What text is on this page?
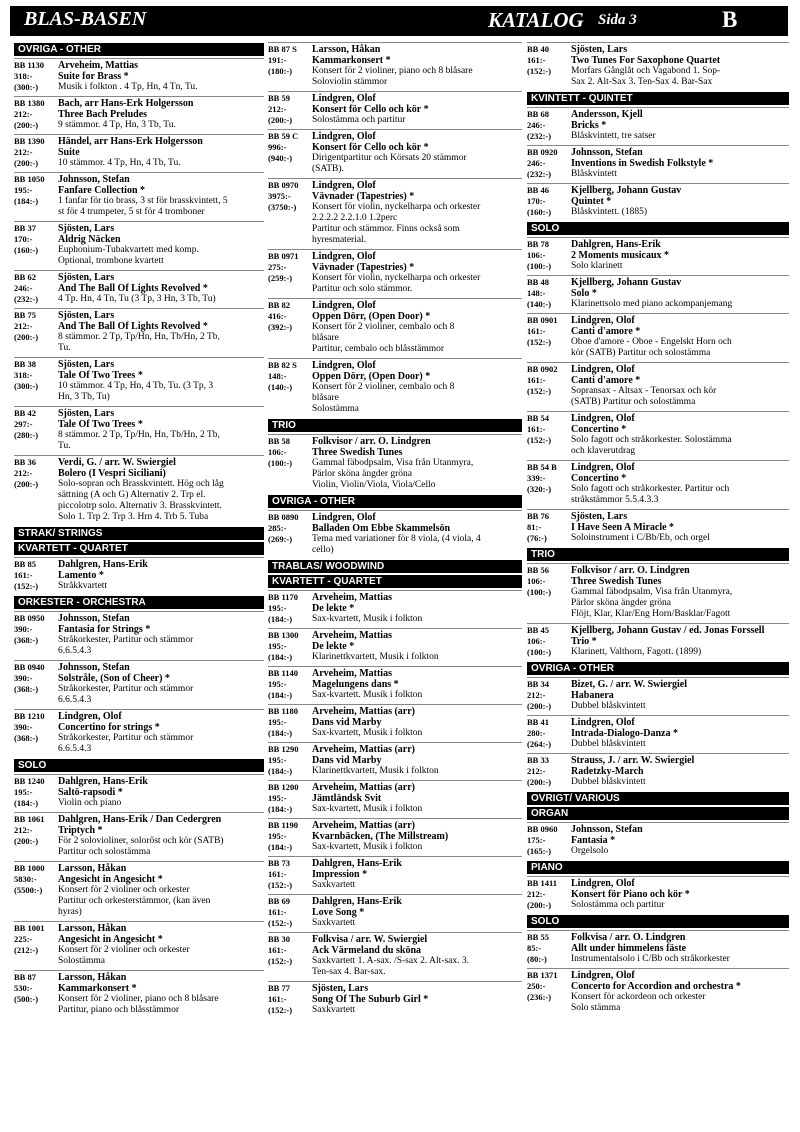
BLAS-BASEN	KATALOG Sida 3	B
OVRIGA - OTHER
BB 1130	Arveheim, Mattias
318:-	Suite for Brass *
(300:-)	Musik i folkton . 4 Tp, Hn, 4 Tn, Tu.
BB 1380	Bach, arr Hans-Erk Holgersson
212:-	Three Bach Preludes
(200:-)	9 stämmor. 4 Tp, Hn, 3 Tb, Tu.
BB 1390	Händel, arr Hans-Erk Holgersson
212:-	Suite
(200:-)	10 stämmor. 4 Tp, Hn, 4 Tb, Tu.
BB 1050	Johnsson, Stefan
195:-	Fanfare Collection *
(184:-)	1 fanfar för tio brass, 3 st för brasskvintett, 5
st för 4 trumpeter, 5 st för 4 tromboner
BB 37	Sjösten, Lars
170:-	Aldrig Näcken
(160:-)	Euphonium-Tubakvartett med komp.
Optional, trombone kvartett
BB 62	Sjösten, Lars
246:-	And The Ball Of Lights Revolved *
(232:-)	4 Tp. Hn, 4 Tn, Tu (3 Tp, 3 Hn, 3 Tb, Tu)
BB 75	Sjösten, Lars
212:-	And The Ball Of Lights Revolved *
(200:-)	8 stämmor. 2 Tp, Tp/Hn, Hn, Tb/Hn, 2 Tb,
Tu.
BB 38	Sjösten, Lars
318:-	Tale Of Two Trees *
(300:-)	10 stämmor. 4 Tp, Hn, 4 Tb, Tu. (3 Tp, 3
Hn, 3 Tb, Tu)
BB 42	Sjösten, Lars
297:-	Tale Of Two Trees *
(280:-)	8 stämmor. 2 Tp, Tp/Hn, Hn, Tb/Hn, 2 Tb,
Tu.
BB 36	Verdi, G. / arr. W. Swiergiel
212:-	Bolero (I Vespri Siciliani)
(200:-)	Solo-sopran och Brasskvintett. Hög och låg
sättning (A och G) Alternativ 2. Trp el.
piccolotrp solo. Alternativ 3. Brasskvintett.
Solo 1. Trp 2. Trp 3. Hrn 4. Trb 5. Tuba
STRAK/ STRINGS
KVARTETT - QUARTET
BB 85	Dahlgren, Hans-Erik
161:-	Lamento *
(152:-)	Stråkkvartett
ORKESTER - ORCHESTRA
BB 0950	Johnsson, Stefan
390:-	Fantasia for Strings *
(368:-)	Stråkorkester, Partitur och stämmor
6.6.5.4.3
BB 0940	Johnsson, Stefan
390:-	Solstråle, (Son of Cheer) *
(368:-)	Stråkorkester, Partitur och stämmor
6.6.5.4.3
BB 1210	Lindgren, Olof
390:-	Concertino for strings *
(368:-)	Stråkorkester, Partitur och stämmor
6.6.5.4.3
SOLO
BB 1240	Dahlgren, Hans-Erik
195:-	Saltö-rapsodi *
(184:-)	Violin och piano
BB 1061	Dahlgren, Hans-Erik / Dan Cedergren
212:-	Triptych *
(200:-)	För 2 solovioliner, solorőst och kör (SATB)
Partitur och solostämma
BB 1000	Larsson, Håkan
5830:-	Angesicht in Angesicht *
(5500:-)	Konsert för 2 violiner och orkester
Partitur och orkesterstämmor, (kan även
hyras)
BB 1001	Larsson, Håkan
225:-	Angesicht in Angesicht *
(212:-)	Konsert för 2 violiner och orkester
Solostämma
BB 87	Larsson, Håkan
530:-	Kammarkonsert *
(500:-)	Konsert för 2 violiner, piano och 8 blåsare
Partitur, piano och blåsstämmor
BB 87 S	Larsson, Håkan
191:-	Kammarkonsert *
(180:-)	Konsert för 2 violiner, piano och 8 blåsare
Soloviolin stämmor
BB 59	Lindgren, Olof
212:-	Konsert för Cello och kör *
(200:-)	Solostämma och partitur
BB 59 C	Lindgren, Olof
996:-	Konsert för Cello och kör *
(940:-)	Dirigentpartitur och Körsats 20 stämmor
(SATB).
BB 0970	Lindgren, Olof
3975:-	Vävnader (Tapestries) *
(3750:-)	Konsert för violin, nyckelharpa och orkester
2.2.2.2 2.2.1.0 1.2perc
Partitur och stämmor. Finns också som
hyresmaterial.
BB 0971	Lindgren, Olof
275:-	Vävnader (Tapestries) *
(259:-)	Konsert för violin, nyckelharpa och orkester
Partitur och solo stämmor.
BB 82	Lindgren, Olof
416:-	Oppen Dörr, (Open Door) *
(392:-)	Konsert för 2 violiner, cembalo och 8
blåsare
Partitur, cembalo och blåsstämmor
BB 82 S	Lindgren, Olof
148:-	Oppen Dörr, (Open Door) *
(140:-)	Konsert för 2 violiner, cembalo och 8
blåsare
Solostämma
TRIO
BB 58	Folkvisor / arr. O. Lindgren
106:-	Three Swedish Tunes
(100:-)	Gammal fäbodpsalm, Visa från Utanmyra,
Pärlor sköna ängder gröna
Violin, Violin/Viola, Viola/Cello
OVRIGA - OTHER
BB 0890	Lindgren, Olof
285:-	Balladen Om Ebbe Skammelsön
(269:-)	Tema med variationer för 8 viola, (4 viola, 4
cello)
TRABLAS/ WOODWIND
KVARTETT - QUARTET
BB 1170	Arveheim, Mattias
195:-	De lekte *
(184:-)	Sax-kvartett, Musik i folkton
BB 1300	Arveheim, Mattias
195:-	De lekte *
(184:-)	Klarinettkvartett, Musik i folkton
BB 1140	Arveheim, Mattias
195:-	Magelungens dans *
(184:-)	Sax-kvartett. Musik i folkton
BB 1180	Arveheim, Mattias (arr)
195:-	Dans vid Marby
(184:-)	Sax-kvartett, Musik i folkton
BB 1290	Arveheim, Mattias (arr)
195:-	Dans vid Marby
(184:-)	Klarinettkvartett, Musik i folkton
BB 1200	Arveheim, Mattias (arr)
195:-	Jämtländsk Svit
(184:-)	Sax-kvartett, Musik i folkton
BB 1190	Arveheim, Mattias (arr)
195:-	Kvarnbäcken, (The Millstream)
(184:-)	Sax-kvartett, Musik i folkton
BB 73	Dahlgren, Hans-Erik
161:-	Impression *
(152:-)	Saxkvartett
BB 69	Dahlgren, Hans-Erik
161:-	Love Song *
(152:-)	Saxkvartett
BB 30	Folkvisa / arr. W. Swiergiel
161:-	Ack Värmeland du sköna
(152:-)	Saxkvartett 1. A-sax. /S-sax 2. Alt-sax. 3.
Ten-sax 4. Bar-sax.
BB 77	Sjösten, Lars
161:-	Song Of The Suburb Girl *
(152:-)	Saxkvartett
BB 40	Sjösten, Lars
161:-	Two Tunes For Saxophone Quartet
(152:-)	Morfars Gånglåt och Vagabond 1. Sop-
Sax 2. Alt-Sax 3. Ten-Sax 4. Bar-Sax
KVINTETT - QUINTET
BB 68	Andersson, Kjell
246:-	Bricks *
(232:-)	Blåskvintett, tre satser
BB 0920	Johnsson, Stefan
246:-	Inventions in Swedish Folkstyle *
(232:-)	Blåskvintett
BB 46	Kjellberg, Johann Gustav
170:-	Quintet *
(160:-)	Blåskvintett. (1885)
SOLO
BB 78	Dahlgren, Hans-Erik
106:-	2 Moments musicaux *
(100:-)	Solo klarinett
BB 48	Kjellberg, Johann Gustav
148:-	Solo *
(140:-)	Klarinettsolo med piano ackompanjemang
BB 0901	Lindgren, Olof
161:-	Canti d'amore *
(152:-)	Oboe d'amore - Oboe - Engelskt Horn och
kör (SATB) Partitur och solostämma
BB 0902	Lindgren, Olof
161:-	Canti d'amore *
(152:-)	Sopransax - Altsax - Tenorsax och kör
(SATB) Partitur och solostämma
BB 54	Lindgren, Olof
161:-	Concertino *
(152:-)	Solo fagott och stråkorkester. Solostämma
och klaverutdrag
BB 54 B	Lindgren, Olof
339:-	Concertino *
(320:-)	Solo fagott och stråkorkester. Partitur och
stråkstämmor 5.5.4.3.3
BB 76	Sjösten, Lars
81:-	I Have Seen A Miracle *
(76:-)	Soloinstrument i C/Bb/Eb, och orgel
TRIO
BB 56	Folkvisor / arr. O. Lindgren
106:-	Three Swedish Tunes
(100:-)	Gammal fäbodpsalm, Visa från Utanmyra,
Pärlor sköna ängder gröna
Flöjt, Klar, Klar/Eng Horn/Basklar/Fagott
BB 45	Kjellberg, Johann Gustav / ed. Jonas Forssell
106:-	Trio *
(100:-)	Klarinett, Valthorn, Fagott. (1899)
OVRIGA - OTHER
BB 34	Bizet, G. / arr. W. Swiergiel
212:-	Habanera
(200:-)	Dubbel blåskvintett
BB 41	Lindgren, Olof
280:-	Intrada-Dialogo-Danza *
(264:-)	Dubbel blåskvintett
BB 33	Strauss, J. / arr. W. Swiergiel
212:-	Radetzky-March
(200:-)	Dubbel blåskvintett
OVRIGT/ VARIOUS
ORGAN
BB 0960	Johnsson, Stefan
175:-	Fantasia *
(165:-)	Orgelsolo
PIANO
BB 1411	Lindgren, Olof
212:-	Konsert för Piano och kör *
(200:-)	Solostämma och partitur
SOLO
BB 55	Folkvisa / arr. O. Lindgren
85:-	Allt under himmelens fäste
(80:-)	Instrumentalsolo i C/Bb och stråkorkester
BB 1371	Lindgren, Olof
250:-	Concerto for Accordion and orchestra *
(236:-)	Konsert för ackordeon och orkester
Solo stämma
